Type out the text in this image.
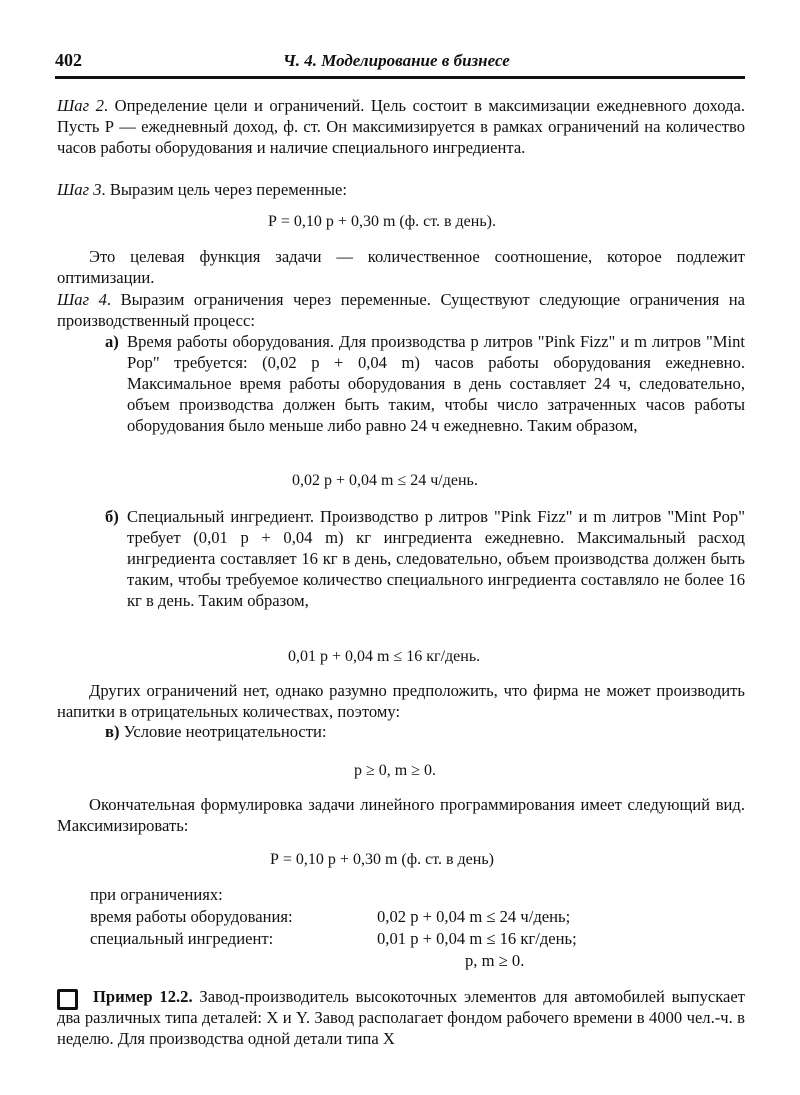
402	Ч. 4. Моделирование в бизнесе

Шаг 2. Определение цели и ограничений. Цель состоит в максимизации ежедневного дохода. Пусть Р — ежедневный доход, ф. ст. Он максимизируется в рамках ограничений на количество часов работы оборудования и наличие специального ингредиента.

Шаг 3. Выразим цель через переменные:

Р = 0,10 p + 0,30 m (ф. ст. в день).

Это целевая функция задачи — количественное соотношение, которое подлежит оптимизации.

Шаг 4. Выразим ограничения через переменные. Существуют следующие ограничения на производственный процесс:

а) Время работы оборудования. Для производства р литров "Pink Fizz" и m литров "Mint Pop" требуется: (0,02 р + 0,04 m) часов работы оборудования ежедневно. Максимальное время работы оборудования в день составляет 24 ч, следовательно, объем производства должен быть таким, чтобы число затраченных часов работы оборудования было меньше либо равно 24 ч ежедневно. Таким образом,

0,02 p + 0,04 m ≤ 24 ч/день.

б) Специальный ингредиент. Производство р литров "Pink Fizz" и m литров "Mint Pop" требует (0,01 р + 0,04 m) кг ингредиента ежедневно. Максимальный расход ингредиента составляет 16 кг в день, следовательно, объем производства должен быть таким, чтобы требуемое количество специального ингредиента составляло не более 16 кг в день. Таким образом,

0,01 р + 0,04 m ≤ 16 кг/день.

Других ограничений нет, однако разумно предположить, что фирма не может производить напитки в отрицательных количествах, поэтому:

в) Условие неотрицательности:

р ≥ 0, m ≥ 0.

Окончательная формулировка задачи линейного программирования имеет следующий вид. Максимизировать:

Р = 0,10 р + 0,30 m (ф. ст. в день)

при ограничениях:
время работы оборудования:	0,02 р + 0,04 m ≤ 24 ч/день;
специальный ингредиент:	0,01 р + 0,04 m ≤ 16 кг/день;
р, m ≥ 0.

Пример 12.2. Завод-производитель высокоточных элементов для автомобилей выпускает два различных типа деталей: X и Y. Завод располагает фондом рабочего времени в 4000 чел.-ч. в неделю. Для производства одной детали типа X
